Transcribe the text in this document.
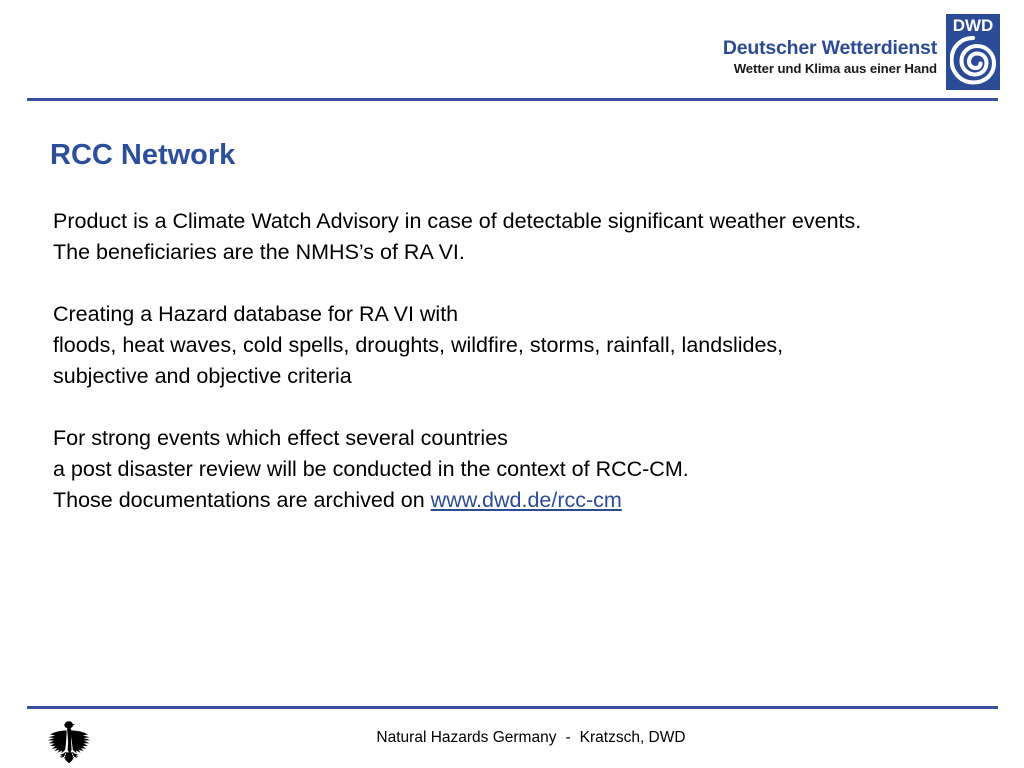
Deutscher Wetterdienst
Wetter und Klima aus einer Hand
DWD
RCC Network
Product is a Climate Watch Advisory in case of detectable significant weather events.
The beneficiaries are the NMHS’s of RA VI.
Creating a Hazard database for RA VI with
floods, heat waves, cold spells, droughts, wildfire, storms, rainfall, landslides,
subjective and objective criteria
For strong events which effect several countries
a post disaster review will be conducted in the context of RCC-CM.
Those documentations are archived on www.dwd.de/rcc-cm
Natural Hazards Germany - Kratzsch, DWD
